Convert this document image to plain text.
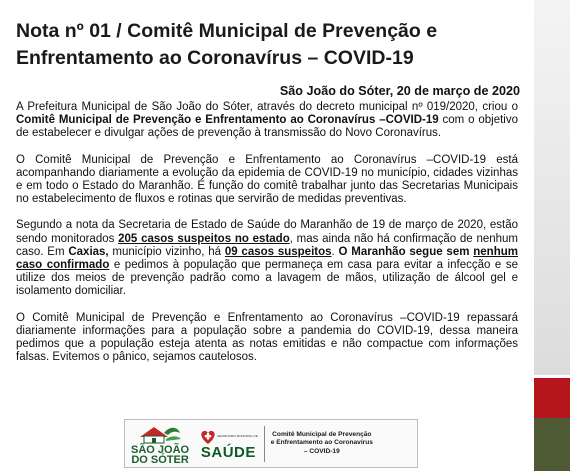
Nota nº 01 / Comitê Municipal de Prevenção e Enfrentamento ao Coronavírus – COVID-19
São João do Sóter, 20 de março de 2020

A Prefeitura Municipal de São João do Sóter, através do decreto municipal nº 019/2020, criou o Comitê Municipal de Prevenção e Enfrentamento ao Coronavírus –COVID-19 com o objetivo de estabelecer e divulgar ações de prevenção à transmissão do Novo Coronavírus.

O Comitê Municipal de Prevenção e Enfrentamento ao Coronavírus –COVID-19 está acompanhando diariamente a evolução da epidemia de COVID-19 no município, cidades vizinhas e em todo o Estado do Maranhão. É função do comitê trabalhar junto das Secretarias Municipais no estabelecimento de fluxos e rotinas que servirão de medidas preventivas.

Segundo a nota da Secretaria de Estado de Saúde do Maranhão de 19 de março de 2020, estão sendo monitorados 205 casos suspeitos no estado, mas ainda não há confirmação de nenhum caso. Em Caxias, município vizinho, há 09 casos suspeitos. O Maranhão segue sem nenhum caso confirmado e pedimos à população que permaneça em casa para evitar a infecção e se utilize dos meios de prevenção padrão como a lavagem de mãos, utilização de álcool gel e isolamento domiciliar.

O Comitê Municipal de Prevenção e Enfrentamento ao Coronavírus –COVID-19 repassará diariamente informações para a população sobre a pandemia do COVID-19, dessa maneira pedimos que a população esteja atenta as notas emitidas e não compactue com informações falsas. Evitemos o pânico, sejamos cautelosos.

SÃO JOÃO
DO SÓTER
SECRETARIA MUNICIPAL DE
SAÚDE
Comitê Municipal de Prevenção
e Enfrentamento ao Coronavírus
– COVID-19
